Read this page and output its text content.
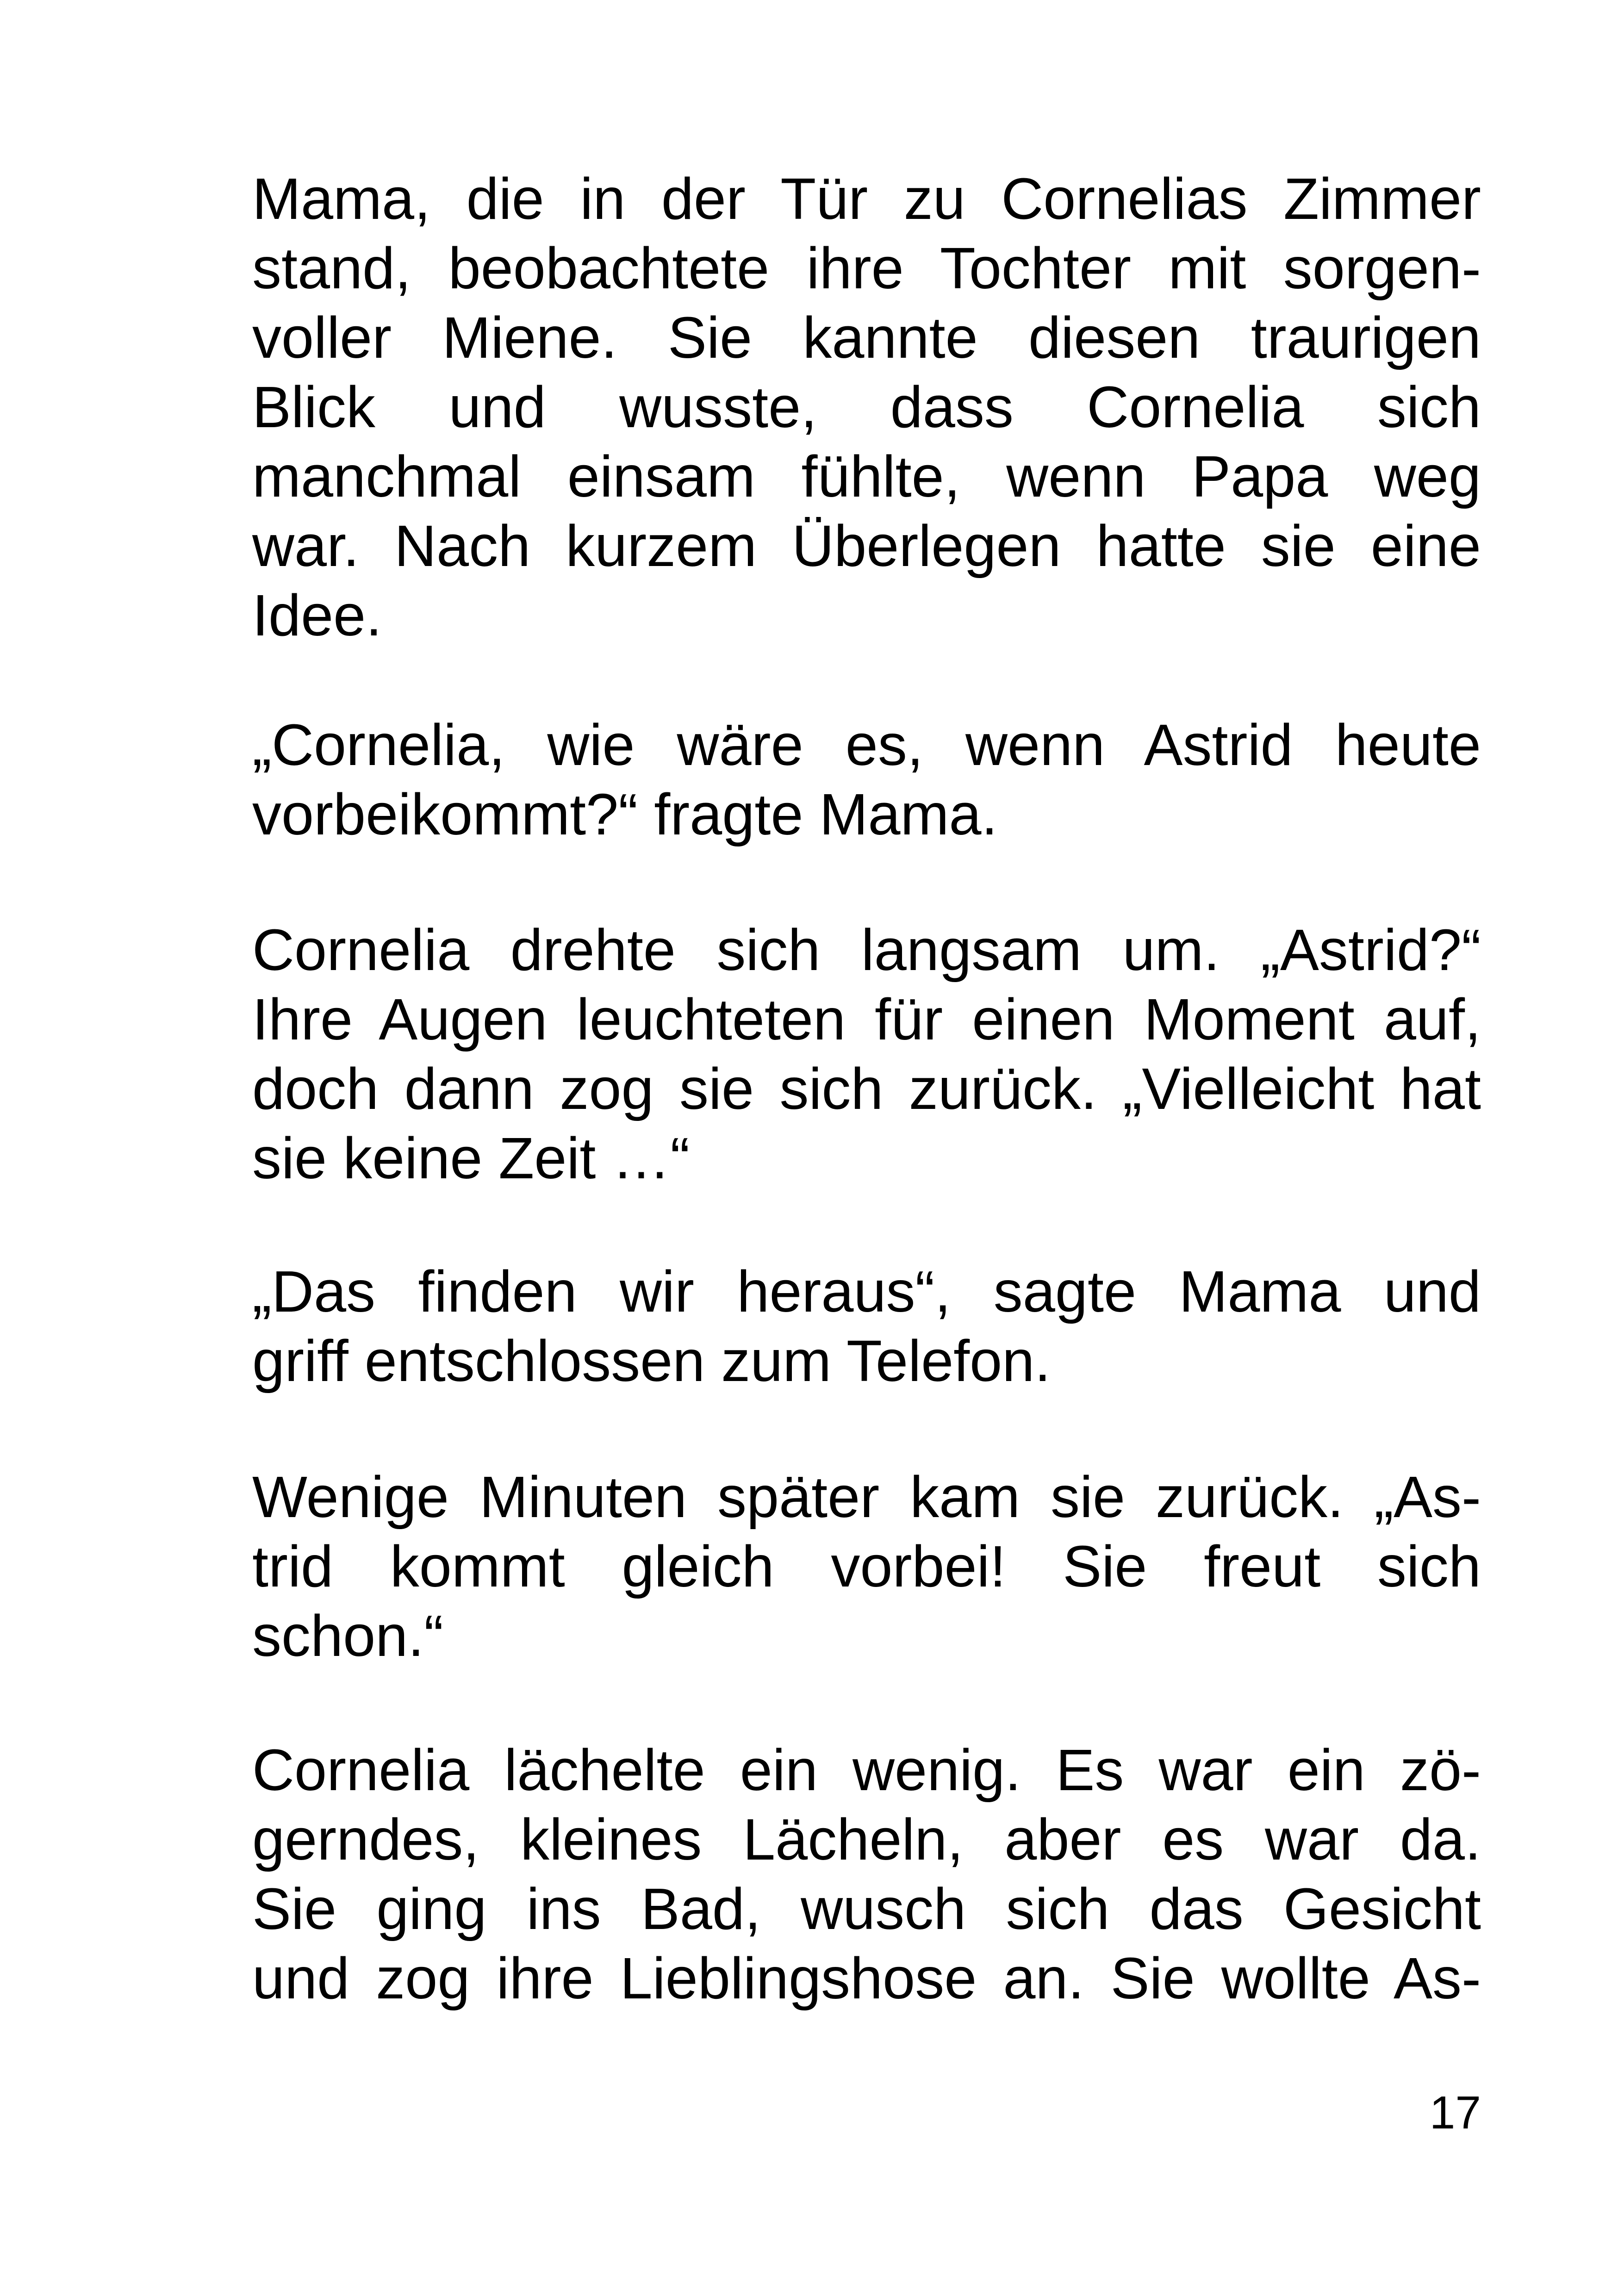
Mama, die in der Tür zu Cornelias Zimmer
stand, beobachtete ihre Tochter mit sorgen-
voller Miene. Sie kannte diesen traurigen
Blick und wusste, dass Cornelia sich
manchmal einsam fühlte, wenn Papa weg
war. Nach kurzem Überlegen hatte sie eine
Idee.
„Cornelia, wie wäre es, wenn Astrid heute
vorbeikommt?“ fragte Mama.
Cornelia drehte sich langsam um. „Astrid?“
Ihre Augen leuchteten für einen Moment auf,
doch dann zog sie sich zurück. „Vielleicht hat
sie keine Zeit …“
„Das finden wir heraus“, sagte Mama und
griff entschlossen zum Telefon.
Wenige Minuten später kam sie zurück. „As-
trid kommt gleich vorbei! Sie freut sich
schon.“
Cornelia lächelte ein wenig. Es war ein zö-
gerndes, kleines Lächeln, aber es war da.
Sie ging ins Bad, wusch sich das Gesicht
und zog ihre Lieblingshose an. Sie wollte As-
17
